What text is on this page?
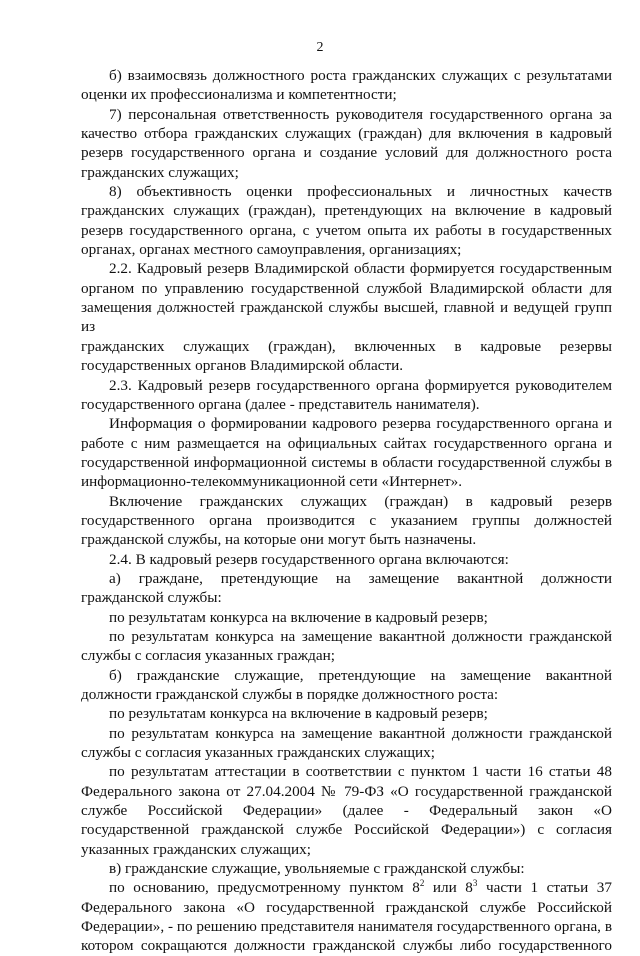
2
б) взаимосвязь должностного роста гражданских служащих с результатами
оценки их профессионализма и компетентности;
7) персональная ответственность руководителя государственного органа за
качество отбора гражданских служащих (граждан) для включения в кадровый
резерв государственного органа и создание условий для должностного роста
гражданских служащих;
8) объективность оценки профессиональных и личностных качеств
гражданских служащих (граждан), претендующих на включение в кадровый
резерв государственного органа, с учетом опыта их работы в государственных
органах, органах местного самоуправления, организациях;
2.2. Кадровый резерв Владимирской области формируется государственным
органом по управлению государственной службой Владимирской области для
замещения должностей гражданской службы высшей, главной и ведущей групп из
гражданских служащих (граждан), включенных в кадровые резервы
государственных органов Владимирской области.
2.3. Кадровый резерв государственного органа формируется руководителем
государственного органа (далее - представитель нанимателя).
Информация о формировании кадрового резерва государственного органа и
работе с ним размещается на официальных сайтах государственного органа и
государственной информационной системы в области государственной службы в
информационно-телекоммуникационной сети «Интернет».
Включение гражданских служащих (граждан) в кадровый резерв
государственного органа производится с указанием группы должностей
гражданской службы, на которые они могут быть назначены.
2.4. В кадровый резерв государственного органа включаются:
а) граждане, претендующие на замещение вакантной должности
гражданской службы:
по результатам конкурса на включение в кадровый резерв;
по результатам конкурса на замещение вакантной должности гражданской
службы с согласия указанных граждан;
б) гражданские служащие, претендующие на замещение вакантной
должности гражданской службы в порядке должностного роста:
по результатам конкурса на включение в кадровый резерв;
по результатам конкурса на замещение вакантной должности гражданской
службы с согласия указанных гражданских служащих;
по результатам аттестации в соответствии с пунктом 1 части 16 статьи 48
Федерального закона от 27.04.2004 № 79-ФЗ «О государственной гражданской
службе Российской Федерации» (далее - Федеральный закон «О
государственной гражданской службе Российской Федерации») с согласия
указанных гражданских служащих;
в) гражданские служащие, увольняемые с гражданской службы:
по основанию, предусмотренному пунктом $8^2$ или $8^3$ части 1 статьи 37
Федерального закона «О государственной гражданской службе Российской
Федерации», - по решению представителя нанимателя государственного органа, в
котором сокращаются должности гражданской службы либо государственного
